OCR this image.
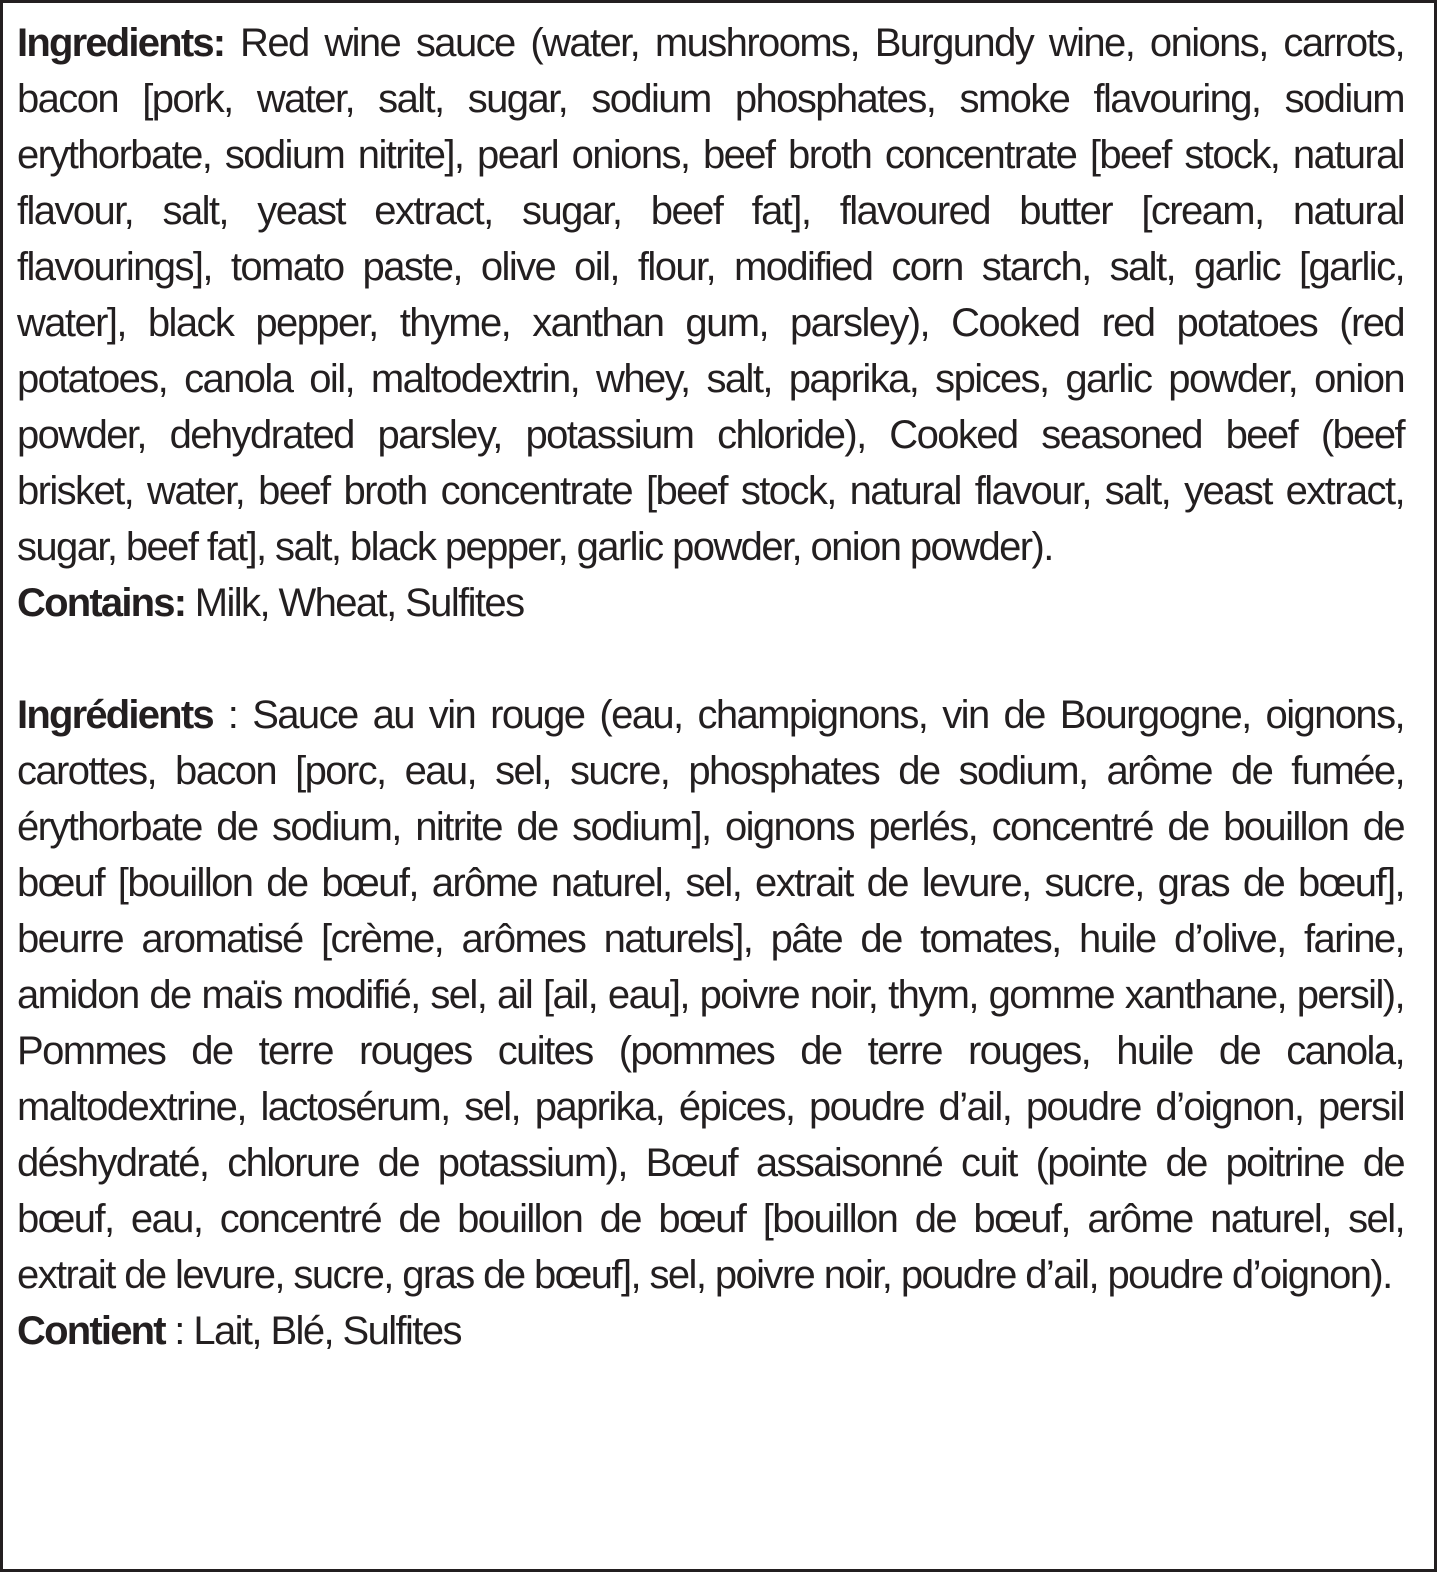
Ingredients: Red wine sauce (water, mushrooms, Burgundy wine, onions, carrots, bacon [pork, water, salt, sugar, sodium phosphates, smoke flavouring, sodium erythorbate, sodium nitrite], pearl onions, beef broth concentrate [beef stock, natural flavour, salt, yeast extract, sugar, beef fat], flavoured butter [cream, natural flavourings], tomato paste, olive oil, flour, modified corn starch, salt, garlic [garlic, water], black pepper, thyme, xanthan gum, parsley), Cooked red potatoes (red potatoes, canola oil, maltodextrin, whey, salt, paprika, spices, garlic powder, onion powder, dehydrated parsley, potassium chloride), Cooked seasoned beef (beef brisket, water, beef broth concentrate [beef stock, natural flavour, salt, yeast extract, sugar, beef fat], salt, black pepper, garlic powder, onion powder).

Contains: Milk, Wheat, Sulfites

Ingrédients : Sauce au vin rouge (eau, champignons, vin de Bourgogne, oignons, carottes, bacon [porc, eau, sel, sucre, phosphates de sodium, arôme de fumée, érythorbate de sodium, nitrite de sodium], oignons perlés, concentré de bouillon de bœuf [bouillon de bœuf, arôme naturel, sel, extrait de levure, sucre, gras de bœuf], beurre aromatisé [crème, arômes naturels], pâte de tomates, huile d’olive, farine, amidon de maïs modifié, sel, ail [ail, eau], poivre noir, thym, gomme xanthane, persil), Pommes de terre rouges cuites (pommes de terre rouges, huile de canola, maltodextrine, lactosérum, sel, paprika, épices, poudre d’ail, poudre d’oignon, persil déshydraté, chlorure de potassium), Bœuf assaisonné cuit (pointe de poitrine de bœuf, eau, concentré de bouillon de bœuf [bouillon de bœuf, arôme naturel, sel, extrait de levure, sucre, gras de bœuf], sel, poivre noir, poudre d’ail, poudre d’oignon).

Contient : Lait, Blé, Sulfites
